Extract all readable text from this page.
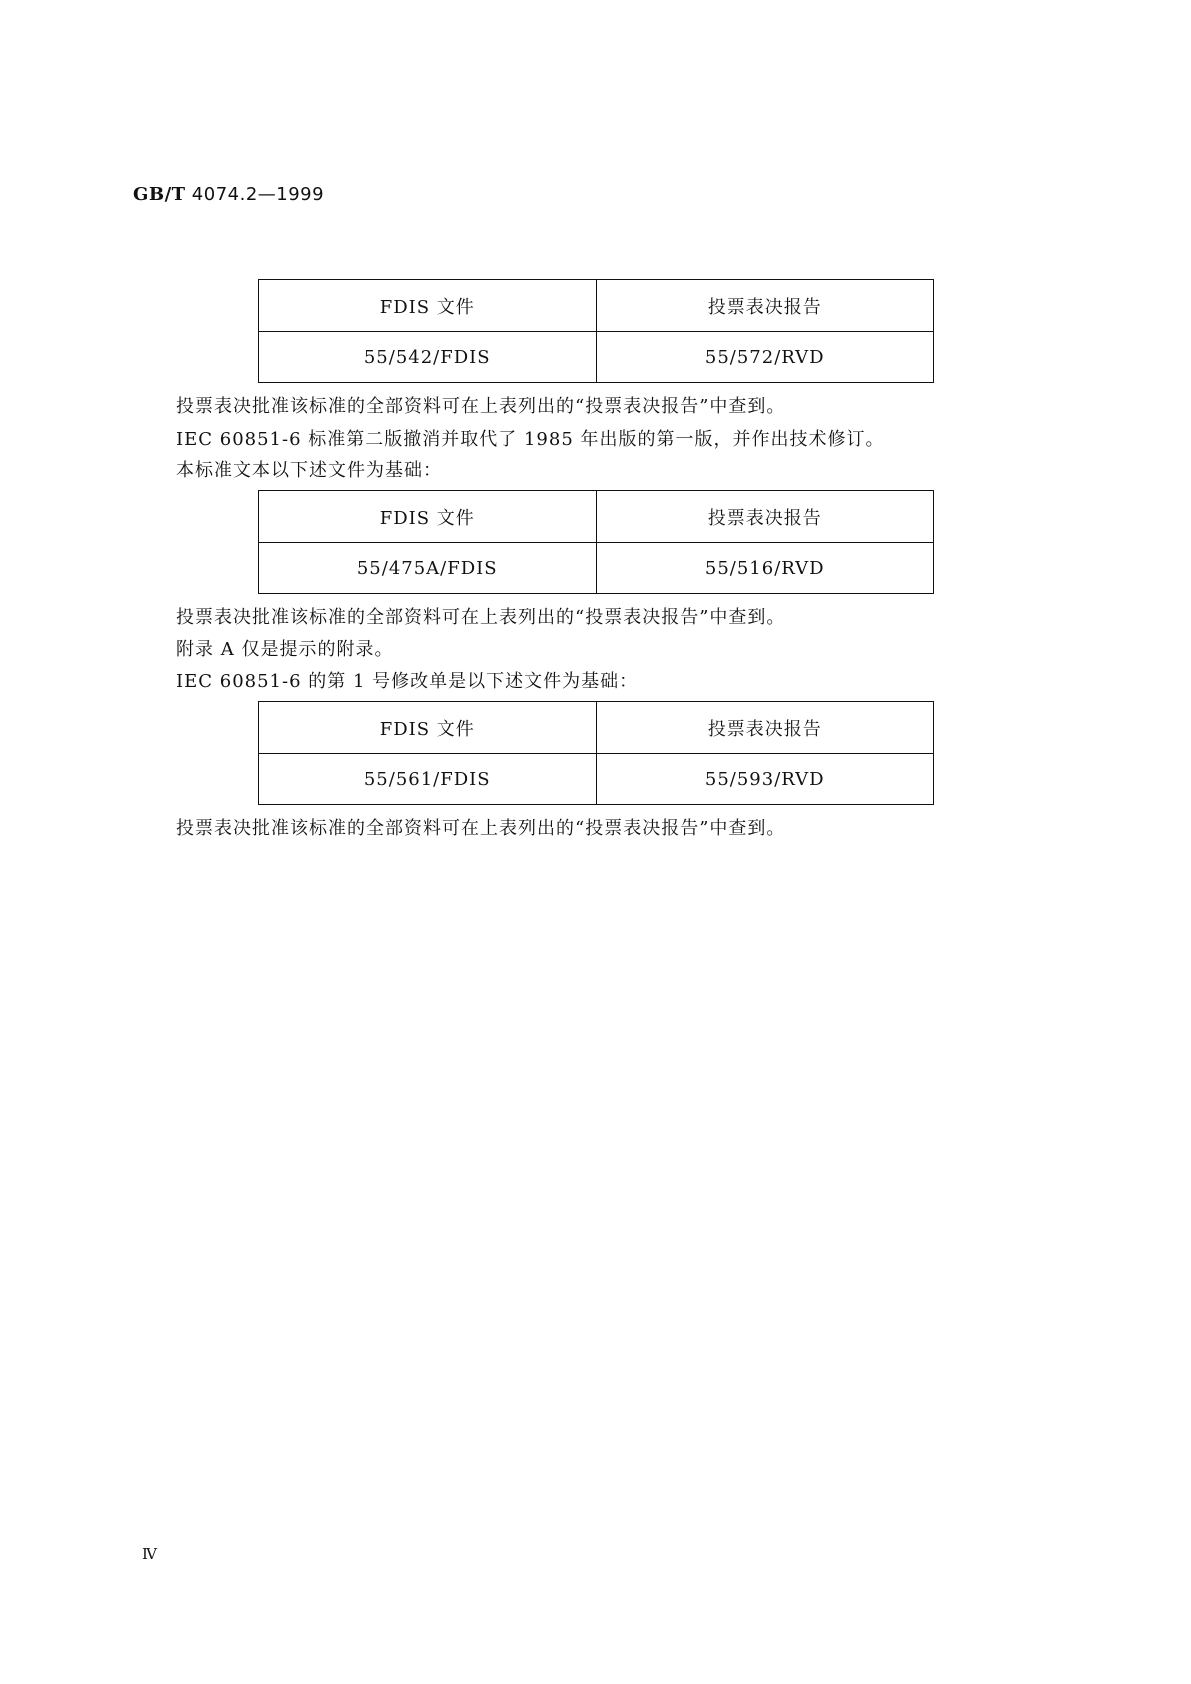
GB/T 4074.2—1999
FDIS 文件	投票表决报告
55/542/FDIS	55/572/RVD
投票表决批准该标准的全部资料可在上表列出的“投票表决报告”中查到。
IEC 60851-6 标准第二版撤消并取代了 1985 年出版的第一版，并作出技术修订。
本标准文本以下述文件为基础：
FDIS 文件	投票表决报告
55/475A/FDIS	55/516/RVD
投票表决批准该标准的全部资料可在上表列出的“投票表决报告”中查到。
附录 A 仅是提示的附录。
IEC 60851-6 的第 1 号修改单是以下述文件为基础：
FDIS 文件	投票表决报告
55/561/FDIS	55/593/RVD
投票表决批准该标准的全部资料可在上表列出的“投票表决报告”中查到。
Ⅳ
